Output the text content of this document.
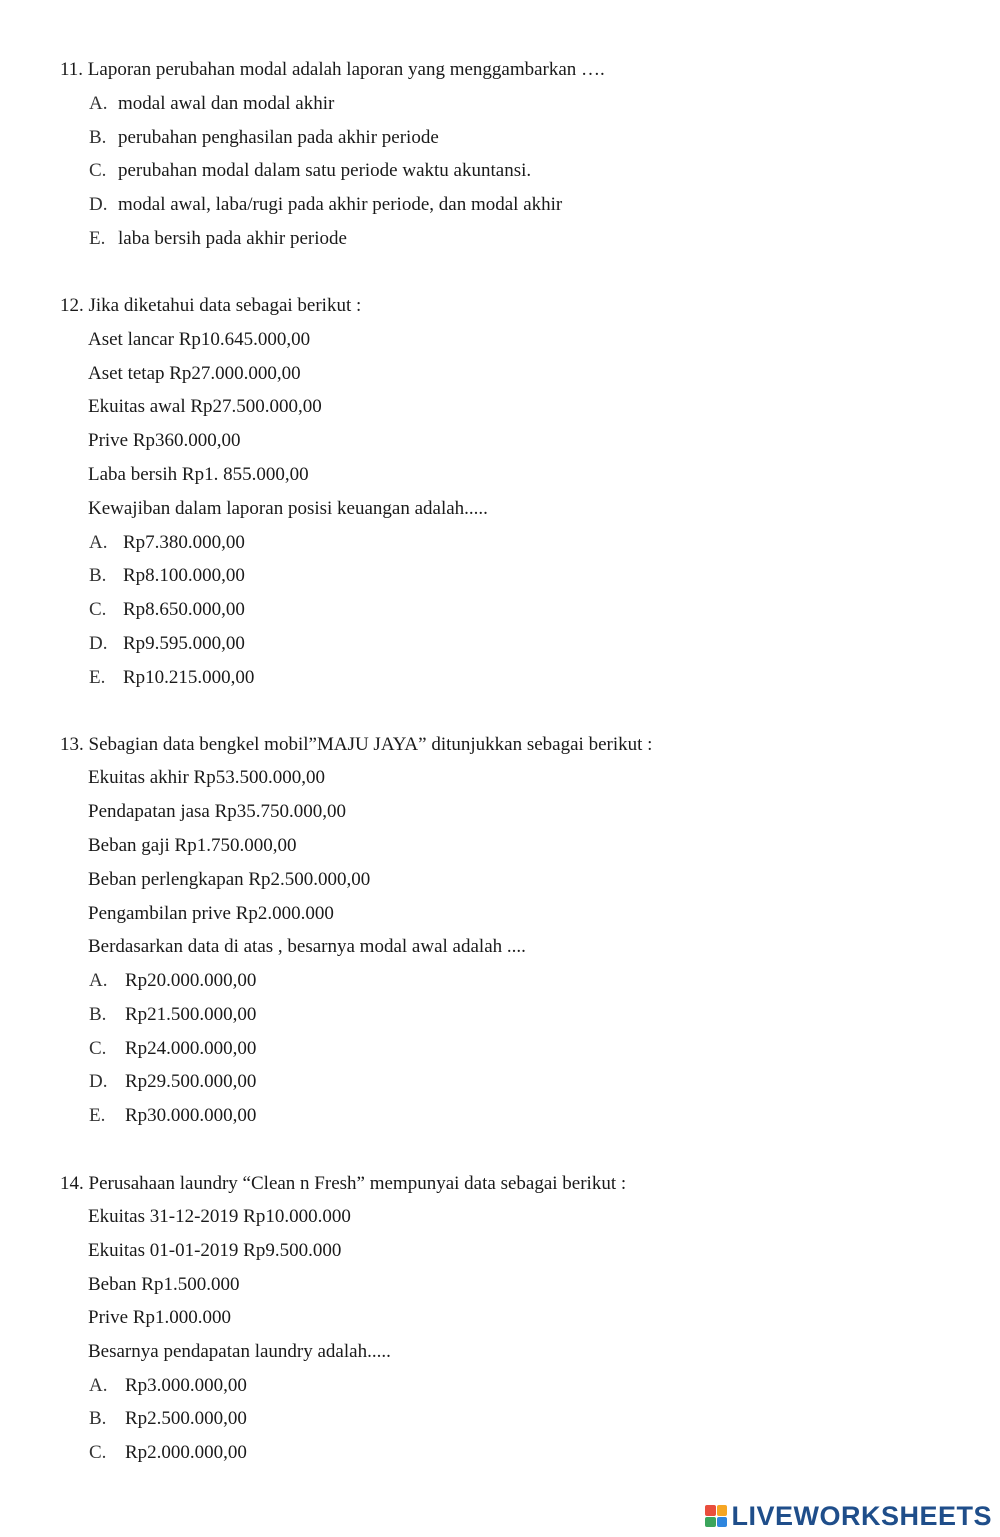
11. Laporan perubahan modal adalah laporan yang menggambarkan ….
A. modal awal dan modal akhir
B. perubahan penghasilan pada akhir periode
C. perubahan modal dalam satu periode waktu akuntansi.
D. modal awal, laba/rugi pada akhir periode, dan modal akhir
E. laba bersih pada akhir periode
12. Jika diketahui data sebagai berikut :
Aset lancar Rp10.645.000,00
Aset tetap Rp27.000.000,00
Ekuitas awal Rp27.500.000,00
Prive Rp360.000,00
Laba bersih Rp1. 855.000,00
Kewajiban dalam laporan posisi keuangan adalah.....
A. Rp7.380.000,00
B. Rp8.100.000,00
C. Rp8.650.000,00
D. Rp9.595.000,00
E. Rp10.215.000,00
13. Sebagian data bengkel mobil”MAJU JAYA” ditunjukkan sebagai berikut :
Ekuitas akhir Rp53.500.000,00
Pendapatan jasa Rp35.750.000,00
Beban gaji Rp1.750.000,00
Beban perlengkapan Rp2.500.000,00
Pengambilan prive Rp2.000.000
Berdasarkan data di atas , besarnya modal awal adalah ....
A. Rp20.000.000,00
B. Rp21.500.000,00
C. Rp24.000.000,00
D. Rp29.500.000,00
E. Rp30.000.000,00
14. Perusahaan laundry “Clean n Fresh” mempunyai data sebagai berikut :
Ekuitas 31-12-2019 Rp10.000.000
Ekuitas 01-01-2019 Rp9.500.000
Beban Rp1.500.000
Prive Rp1.000.000
Besarnya pendapatan laundry adalah.....
A. Rp3.000.000,00
B. Rp2.500.000,00
C. Rp2.000.000,00
LIVEWORKSHEETS
